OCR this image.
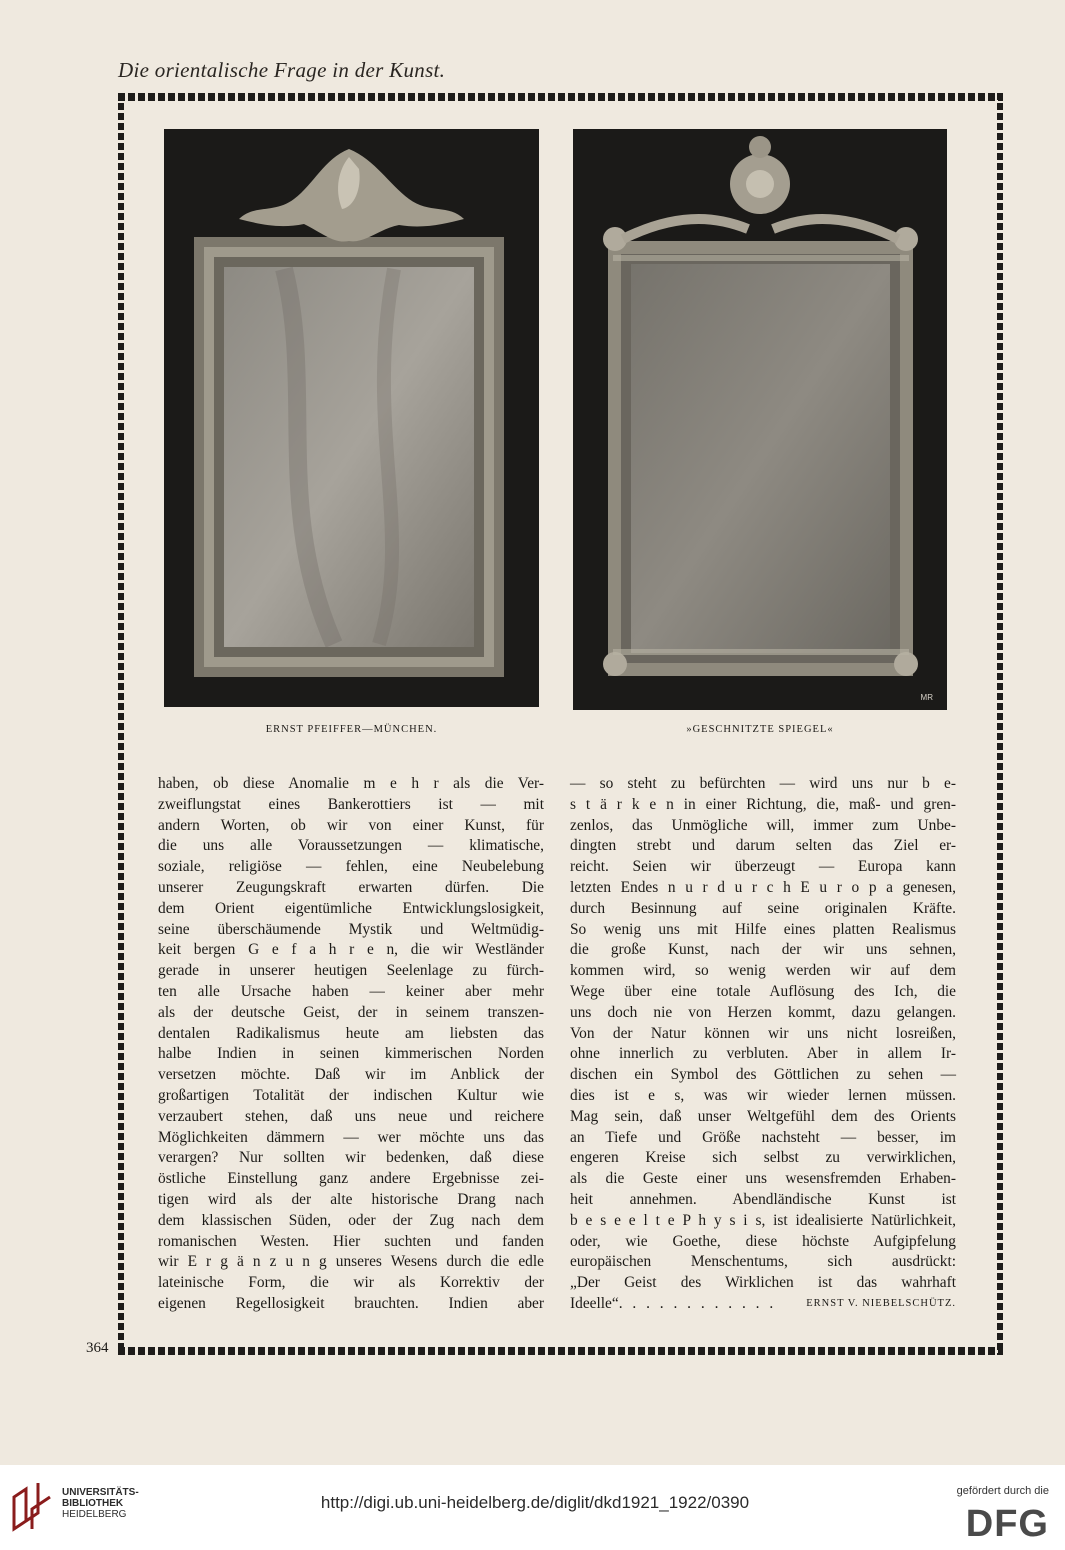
Die orientalische Frage in der Kunst.
MR
ERNST PFEIFFER—MÜNCHEN.	»GESCHNITZTE SPIEGEL«
haben, ob diese Anomalie m e h r als die Ver-
zweiflungstat eines Bankerottiers ist — mit
andern Worten, ob wir von einer Kunst, für
die uns alle Voraussetzungen — klimatische,
soziale, religiöse — fehlen, eine Neubelebung
unserer Zeugungskraft erwarten dürfen. Die
dem Orient eigentümliche Entwicklungslosigkeit,
seine überschäumende Mystik und Weltmüdig-
keit bergen G e f a h r e n, die wir Westländer
gerade in unserer heutigen Seelenlage zu fürch-
ten alle Ursache haben — keiner aber mehr
als der deutsche Geist, der in seinem transzen-
dentalen Radikalismus heute am liebsten das
halbe Indien in seinen kimmerischen Norden
versetzen möchte. Daß wir im Anblick der
großartigen Totalität der indischen Kultur wie
verzaubert stehen, daß uns neue und reichere
Möglichkeiten dämmern — wer möchte uns das
verargen? Nur sollten wir bedenken, daß diese
östliche Einstellung ganz andere Ergebnisse zei-
tigen wird als der alte historische Drang nach
dem klassischen Süden, oder der Zug nach dem
romanischen Westen. Hier suchten und fanden
wir E r g ä n z u n g unseres Wesens durch die edle
lateinische Form, die wir als Korrektiv der
eigenen Regellosigkeit brauchten. Indien aber
— so steht zu befürchten — wird uns nur b e-
s t ä r k e n in einer Richtung, die, maß- und gren-
zenlos, das Unmögliche will, immer zum Unbe-
dingten strebt und darum selten das Ziel er-
reicht. Seien wir überzeugt — Europa kann
letzten Endes n u r d u r c h E u r o p a genesen,
durch Besinnung auf seine originalen Kräfte.
So wenig uns mit Hilfe eines platten Realismus
die große Kunst, nach der wir uns sehnen,
kommen wird, so wenig werden wir auf dem
Wege über eine totale Auflösung des Ich, die
uns doch nie von Herzen kommt, dazu gelangen.
Von der Natur können wir uns nicht losreißen,
ohne innerlich zu verbluten. Aber in allem Ir-
dischen ein Symbol des Göttlichen zu sehen —
dies ist e s, was wir wieder lernen müssen.
Mag sein, daß unser Weltgefühl dem des Orients
an Tiefe und Größe nachsteht — besser, im
engeren Kreise sich selbst zu verwirklichen,
als die Geste einer uns wesensfremden Erhaben-
heit annehmen. Abendländische Kunst ist
b e s e e l t e P h y s i s, ist idealisierte Natürlichkeit,
oder, wie Goethe, diese höchste Aufgipfelung
europäischen Menschentums, sich ausdrückt:
„Der Geist des Wirklichen ist das wahrhaft
Ideelle“. . . . . . . . . . . .	ERNST V. NIEBELSCHÜTZ.
364
UNIVERSITÄTS-
BIBLIOTHEK
HEIDELBERG
http://digi.ub.uni-heidelberg.de/diglit/dkd1921_1922/0390
gefördert durch die
DFG
